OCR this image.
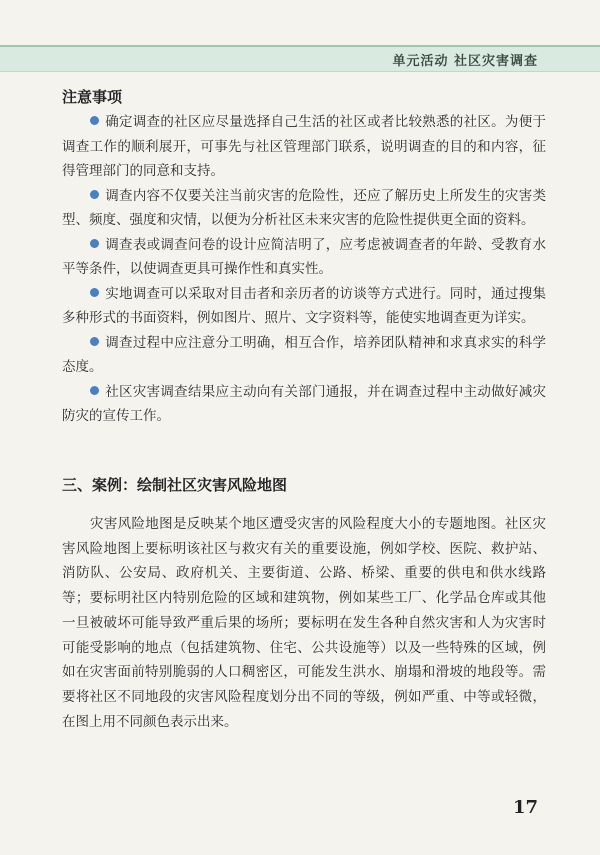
单元活动 社区灾害调查
注意事项

确定调查的社区应尽量选择自己生活的社区或者比较熟悉的社区。为便于调查工作的顺利展开，可事先与社区管理部门联系，说明调查的目的和内容，征得管理部门的同意和支持。

调查内容不仅要关注当前灾害的危险性，还应了解历史上所发生的灾害类型、频度、强度和灾情，以便为分析社区未来灾害的危险性提供更全面的资料。

调查表或调查问卷的设计应简洁明了，应考虑被调查者的年龄、受教育水平等条件，以使调查更具可操作性和真实性。

实地调查可以采取对目击者和亲历者的访谈等方式进行。同时，通过搜集多种形式的书面资料，例如图片、照片、文字资料等，能使实地调查更为详实。

调查过程中应注意分工明确，相互合作，培养团队精神和求真求实的科学态度。

社区灾害调查结果应主动向有关部门通报，并在调查过程中主动做好减灾防灾的宣传工作。

三、案例：绘制社区灾害风险地图

灾害风险地图是反映某个地区遭受灾害的风险程度大小的专题地图。社区灾害风险地图上要标明该社区与救灾有关的重要设施，例如学校、医院、救护站、消防队、公安局、政府机关、主要街道、公路、桥梁、重要的供电和供水线路等；要标明社区内特别危险的区域和建筑物，例如某些工厂、化学品仓库或其他一旦被破坏可能导致严重后果的场所；要标明在发生各种自然灾害和人为灾害时可能受影响的地点（包括建筑物、住宅、公共设施等）以及一些特殊的区域，例如在灾害面前特别脆弱的人口稠密区，可能发生洪水、崩塌和滑坡的地段等。需要将社区不同地段的灾害风险程度划分出不同的等级，例如严重、中等或轻微，在图上用不同颜色表示出来。

17
